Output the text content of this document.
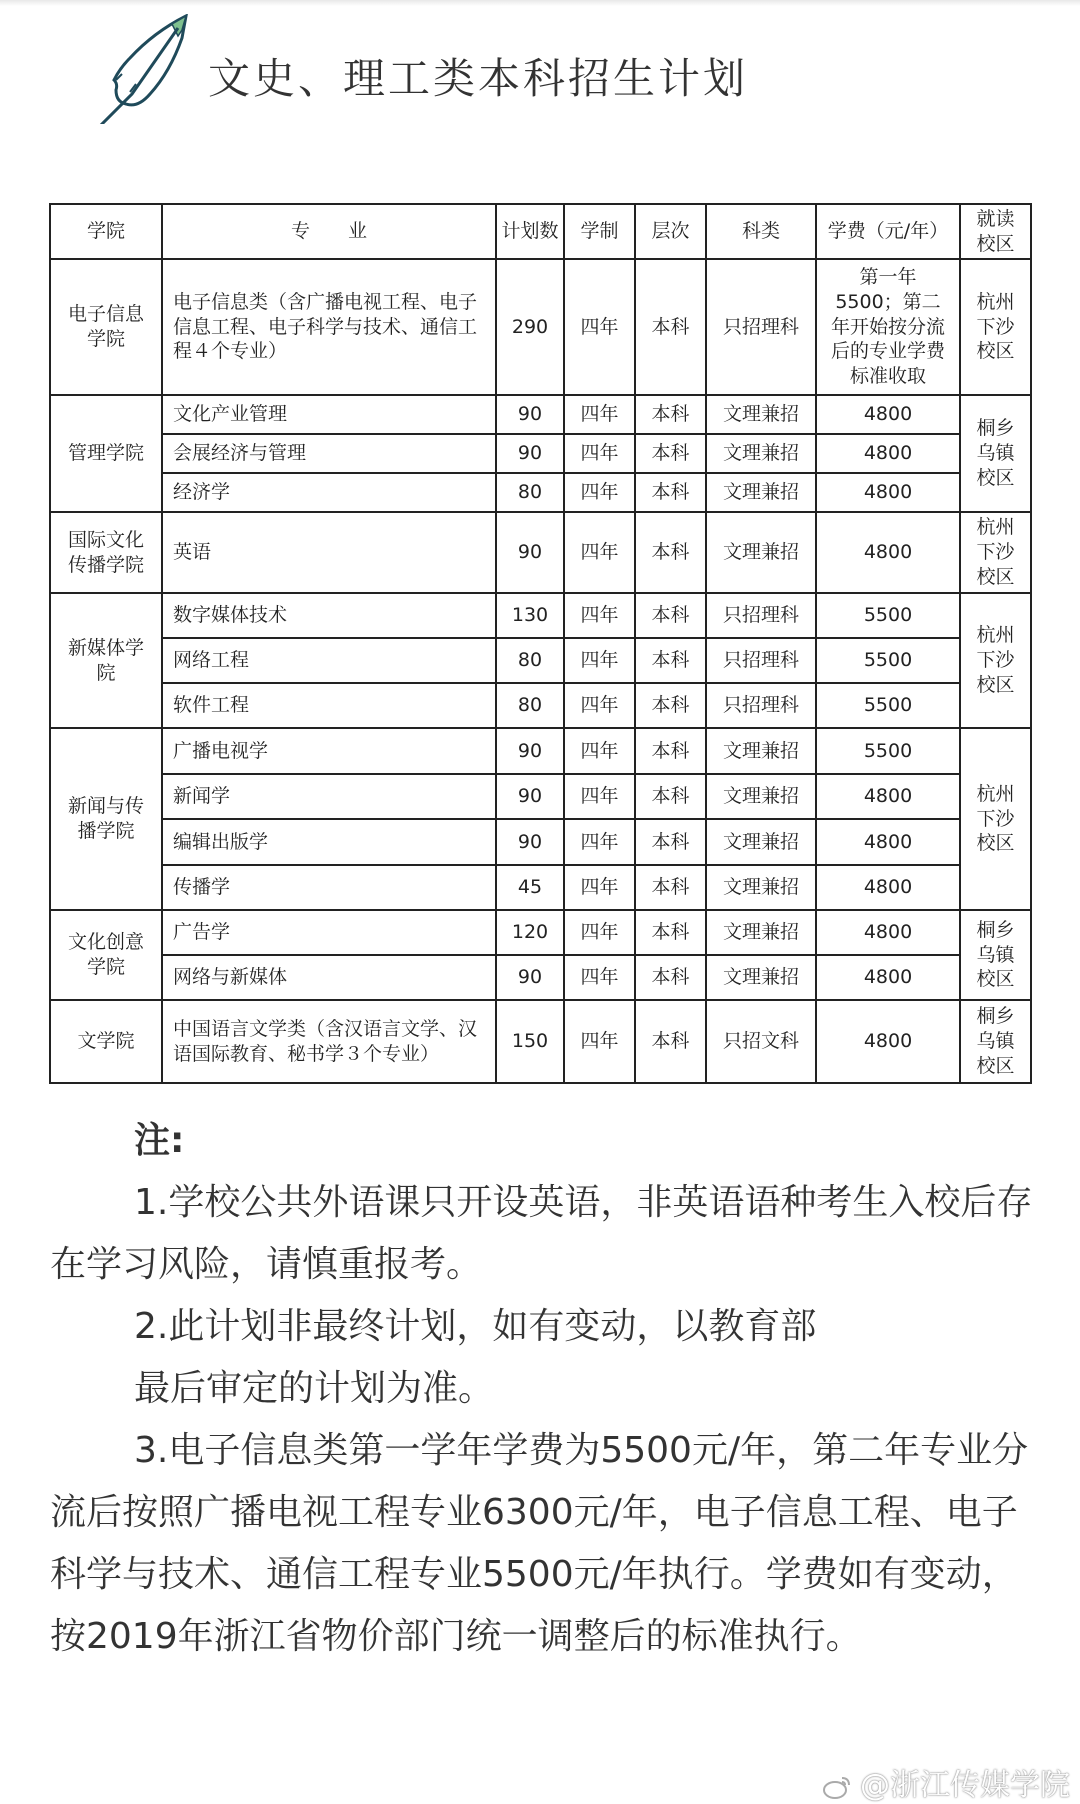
文史、理工类本科招生计划
学院	专　　业	计划数	学制	层次	科类	学费（元/年）	就读校区
电子信息学院	电子信息类（含广播电视工程、电子信息工程、电子科学与技术、通信工程４个专业）	290	四年	本科	只招理科	第一年5500；第二年开始按分流后的专业学费标准收取	杭州下沙校区
管理学院	文化产业管理	90	四年	本科	文理兼招	4800	桐乡乌镇校区
	会展经济与管理	90	四年	本科	文理兼招	4800	
	经济学	80	四年	本科	文理兼招	4800	
国际文化传播学院	英语	90	四年	本科	文理兼招	4800	杭州下沙校区
新媒体学院	数字媒体技术	130	四年	本科	只招理科	5500	杭州下沙校区
	网络工程	80	四年	本科	只招理科	5500	
	软件工程	80	四年	本科	只招理科	5500	
新闻与传播学院	广播电视学	90	四年	本科	文理兼招	5500	杭州下沙校区
	新闻学	90	四年	本科	文理兼招	4800	
	编辑出版学	90	四年	本科	文理兼招	4800	
	传播学	45	四年	本科	文理兼招	4800	
文化创意学院	广告学	120	四年	本科	文理兼招	4800	桐乡乌镇校区
	网络与新媒体	90	四年	本科	文理兼招	4800	
文学院	中国语言文学类（含汉语言文学、汉语国际教育、秘书学３个专业）	150	四年	本科	只招文科	4800	桐乡乌镇校区

注:

1.学校公共外语课只开设英语，非英语语种考生入校后存在学习风险，请慎重报考。

2.此计划非最终计划，如有变动，以教育部最后审定的计划为准。

3.电子信息类第一学年学费为5500元/年，第二年专业分流后按照广播电视工程专业6300元/年，电子信息工程、电子科学与技术、通信工程专业5500元/年执行。学费如有变动，按2019年浙江省物价部门统一调整后的标准执行。

@浙江传媒学院
